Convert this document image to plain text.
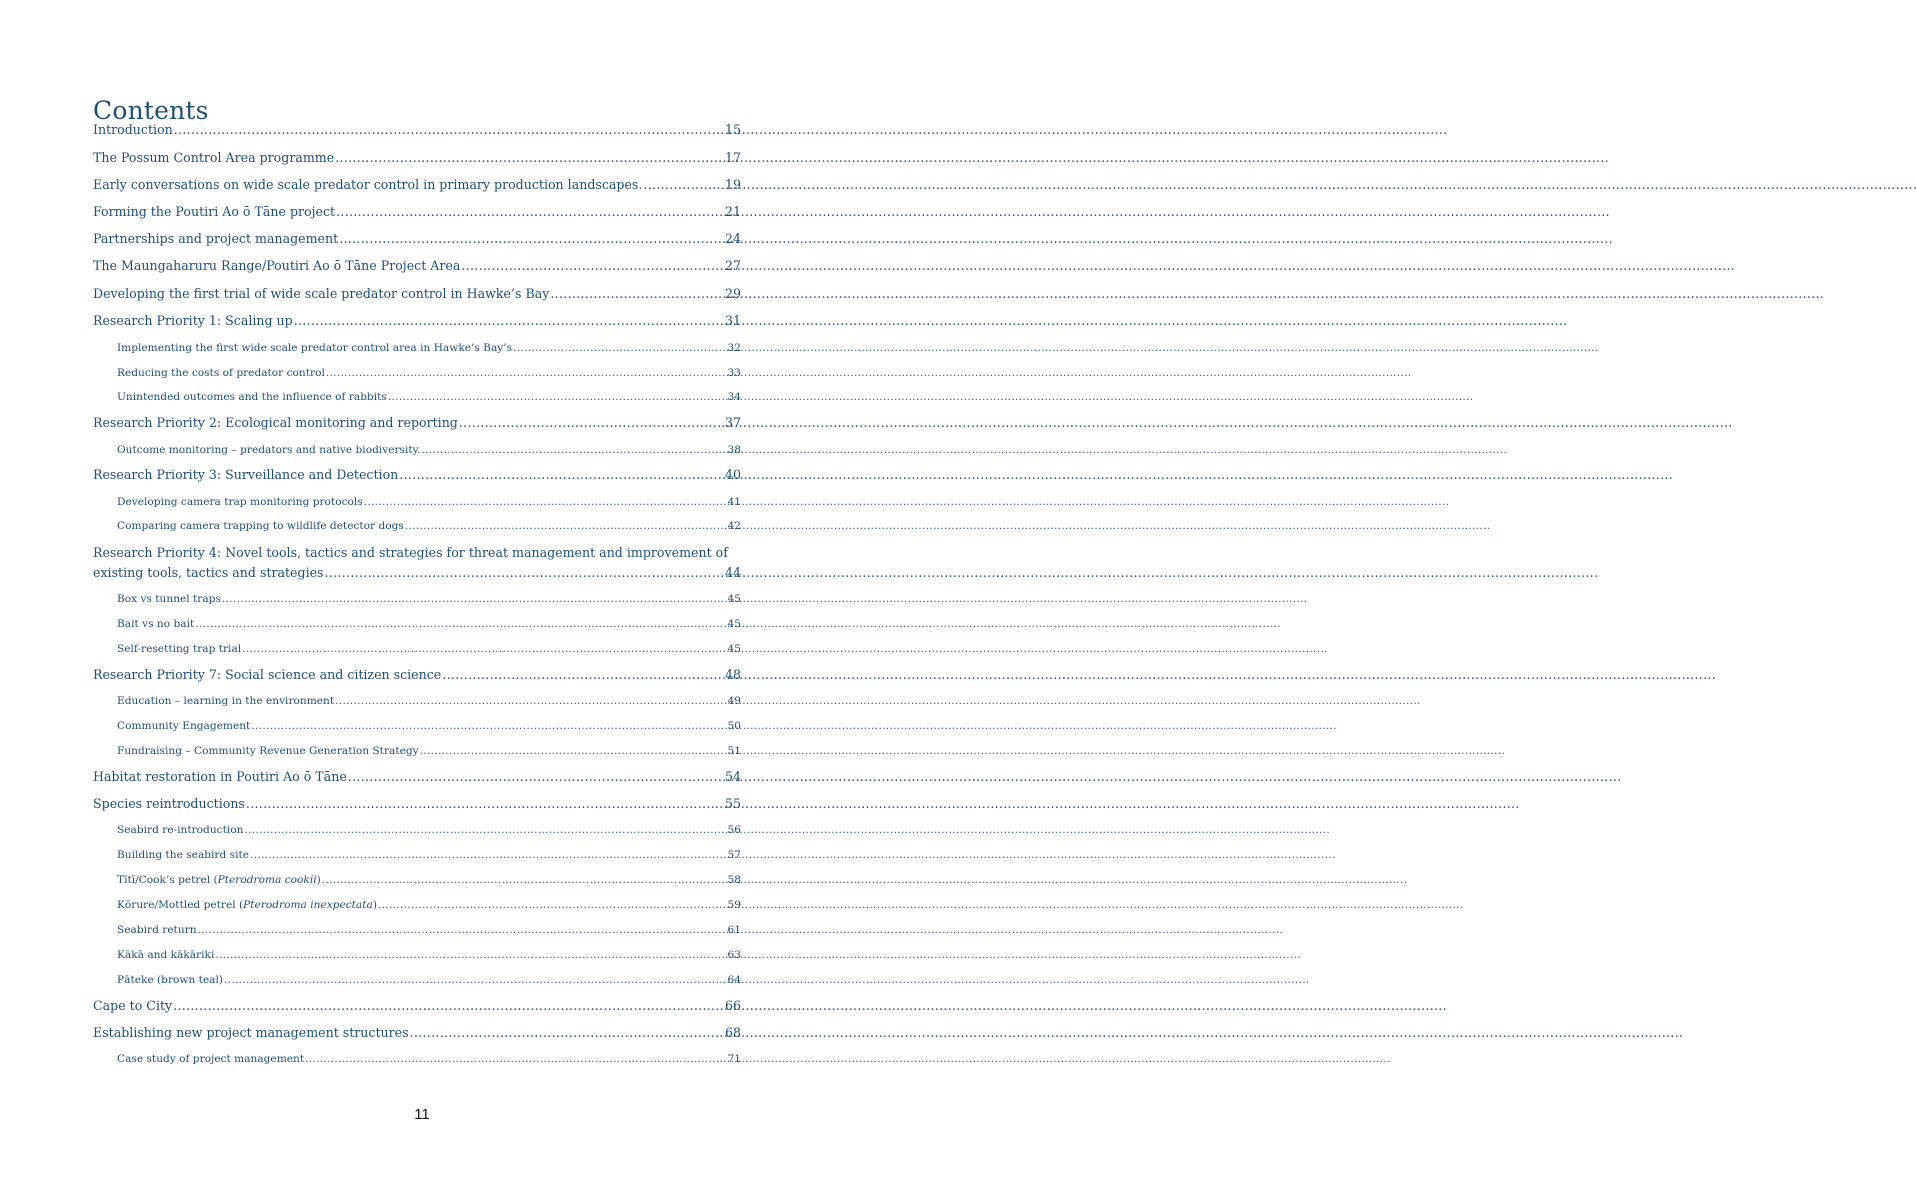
Contents
Introduction .....	15
The Possum Control Area programme .....	17
Early conversations on wide scale predator control in primary production landscapes. .....	19
Forming the Poutiri Ao ō Tāne project .....	21
Partnerships and project management .....	24
The Maungaharuru Range/Poutiri Ao ō Tāne Project Area .....	27
Developing the first trial of wide scale predator control in Hawke’s Bay .....	29
Research Priority 1: Scaling up .....	31
Implementing the first wide scale predator control area in Hawke’s Bay’s .....	32
Reducing the costs of predator control .....	33
Unintended outcomes and the influence of rabbits .....	34
Research Priority 2: Ecological monitoring and reporting .....	37
Outcome monitoring – predators and native biodiversity. .....	38
Research Priority 3: Surveillance and Detection .....	40
Developing camera trap monitoring protocols .....	41
Comparing camera trapping to wildlife detector dogs .....	42
Research Priority 4: Novel tools, tactics and strategies for threat management and improvement of
existing tools, tactics and strategies .....	44
Box vs tunnel traps .....	45
Bait vs no bait .....	45
Self-resetting trap trial .....	45
Research Priority 7: Social science and citizen science .....	48
Education – learning in the environment .....	49
Community Engagement .....	50
Fundraising – Community Revenue Generation Strategy .....	51
Habitat restoration in Poutiri Ao ō Tāne .....	54
Species reintroductions .....	55
Seabird re-introduction .....	56
Building the seabird site .....	57
Tītī/Cook’s petrel (Pterodroma cookii) .....	58
Kōrure/Mottled petrel (Pterodroma inexpectata) .....	59
Seabird return .....	61
Kākā and kākāriki .....	63
Pāteke (brown teal) .....	64
Cape to City .....	66
Establishing new project management structures .....	68
Case study of project management .....	71
11
